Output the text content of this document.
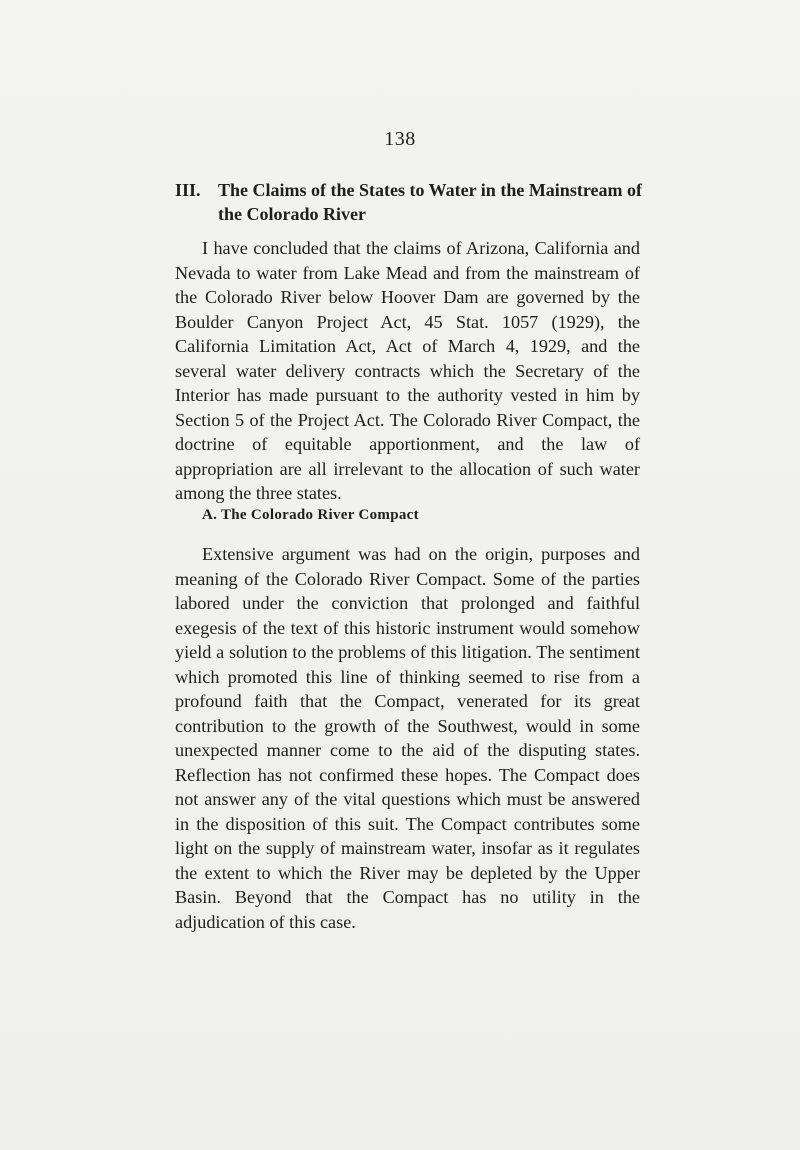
138
III. The Claims of the States to Water in the Mainstream of the Colorado River

I have concluded that the claims of Arizona, California and Nevada to water from Lake Mead and from the mainstream of the Colorado River below Hoover Dam are governed by the Boulder Canyon Project Act, 45 Stat. 1057 (1929), the California Limitation Act, Act of March 4, 1929, and the several water delivery contracts which the Secretary of the Interior has made pursuant to the authority vested in him by Section 5 of the Project Act. The Colorado River Compact, the doctrine of equitable apportionment, and the law of appropriation are all irrelevant to the allocation of such water among the three states.

A. The Colorado River Compact

Extensive argument was had on the origin, purposes and meaning of the Colorado River Compact. Some of the parties labored under the conviction that prolonged and faithful exegesis of the text of this historic instrument would somehow yield a solution to the problems of this litigation. The sentiment which promoted this line of thinking seemed to rise from a profound faith that the Compact, venerated for its great contribution to the growth of the Southwest, would in some unexpected manner come to the aid of the disputing states. Reflection has not confirmed these hopes. The Compact does not answer any of the vital questions which must be answered in the disposition of this suit. The Compact contributes some light on the supply of mainstream water, insofar as it regulates the extent to which the River may be depleted by the Upper Basin. Beyond that the Compact has no utility in the adjudication of this case.
